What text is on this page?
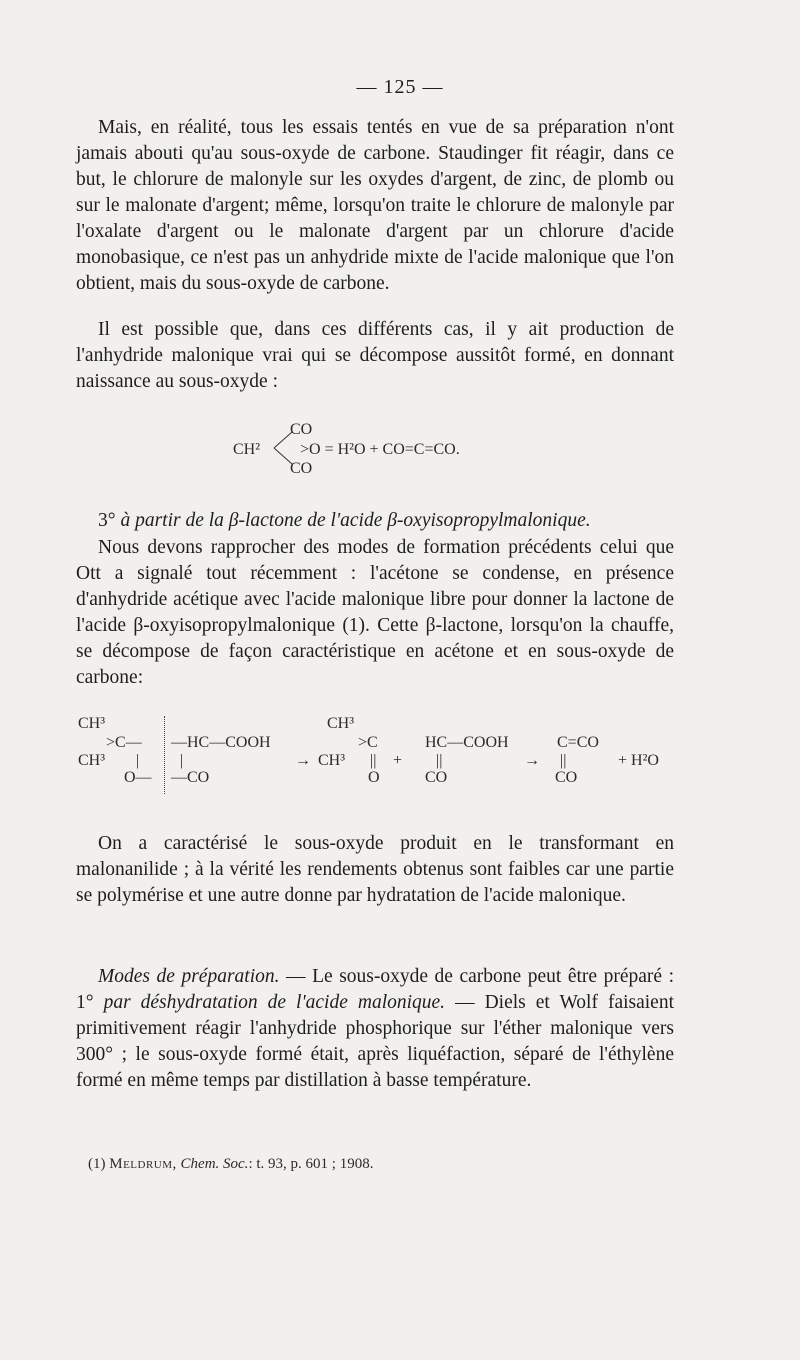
— 125 —

Mais, en réalité, tous les essais tentés en vue de sa préparation n'ont jamais abouti qu'au sous-oxyde de carbone. Staudinger fit réagir, dans ce but, le chlorure de malonyle sur les oxydes d'argent, de zinc, de plomb ou sur le malonate d'argent; même, lorsqu'on traite le chlorure de malonyle par l'oxalate d'argent ou le malonate d'argent par un chlorure d'acide monobasique, ce n'est pas un anhydride mixte de l'acide malonique que l'on obtient, mais du sous-oxyde de carbone.

Il est possible que, dans ces différents cas, il y ait production de l'anhydride malonique vrai qui se décompose aussitôt formé, en donnant naissance au sous-oxyde :

CO
CH² >O = H²O + CO=C=CO.
CO

3° à partir de la β-lactone de l'acide β-oxyisopropylmalonique.

Nous devons rapprocher des modes de formation précédents celui que Ott a signalé tout récemment : l'acétone se condense, en présence d'anhydride acétique avec l'acide malonique libre pour donner la lactone de l'acide β-oxyisopropylmalonique (1). Cette β-lactone, lorsqu'on la chauffe, se décompose de façon caractéristique en acétone et en sous-oxyde de carbone:

CH³
>C—
CH³
—HC—COOH
|	|
O— —CO
→
CH³
>C
CH³
HC—COOH
|| + ||
O	CO
→
C=CO
||
CO
+ H²O

On a caractérisé le sous-oxyde produit en le transformant en malonanilide ; à la vérité les rendements obtenus sont faibles car une partie se polymérise et une autre donne par hydratation de l'acide malonique.

Modes de préparation. — Le sous-oxyde de carbone peut être préparé : 1° par déshydratation de l'acide malonique. — Diels et Wolf faisaient primitivement réagir l'anhydride phosphorique sur l'éther malonique vers 300° ; le sous-oxyde formé était, après liquéfaction, séparé de l'éthylène formé en même temps par distillation à basse température.

(1) Meldrum, Chem. Soc.: t. 93, p. 601 ; 1908.
